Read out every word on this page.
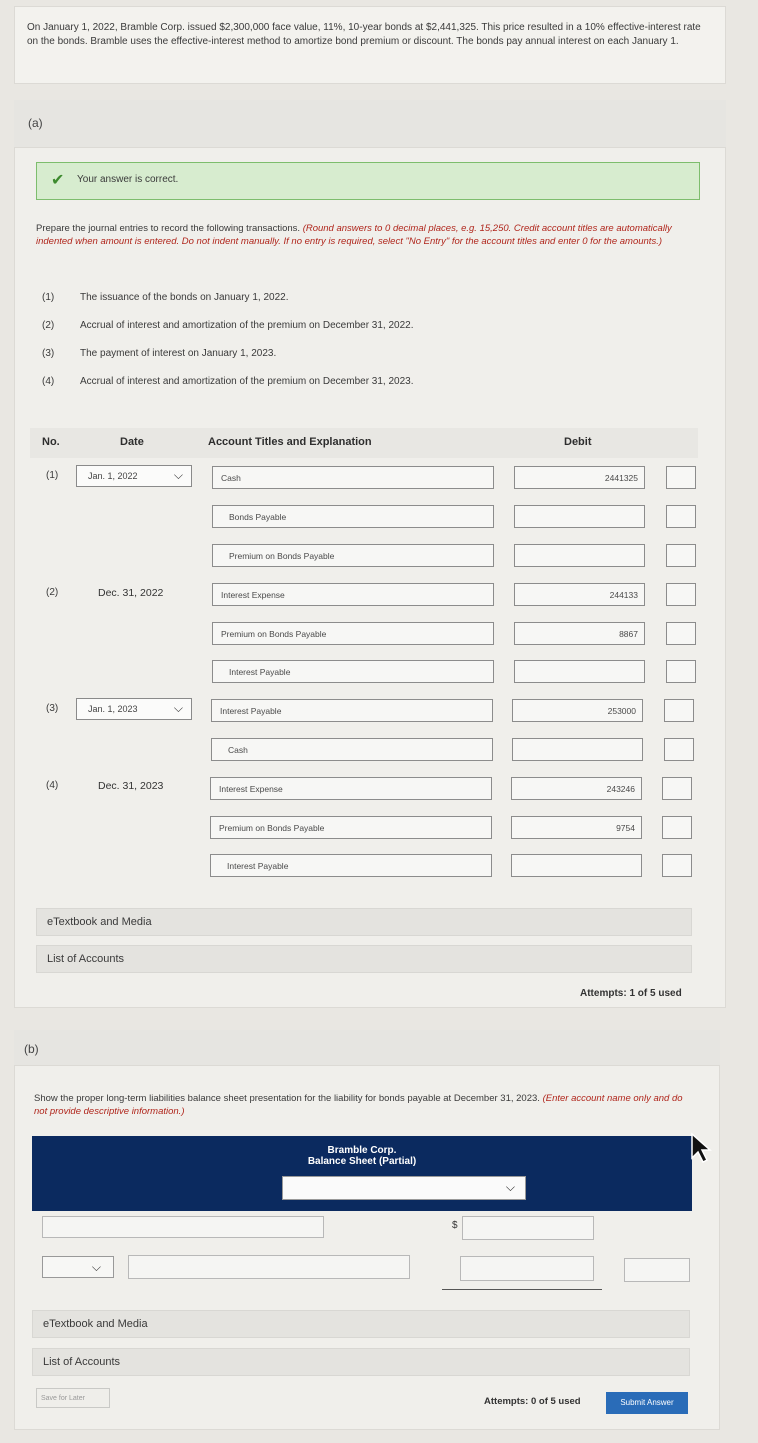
On January 1, 2022, Bramble Corp. issued $2,300,000 face value, 11%, 10-year bonds at $2,441,325. This price resulted in a 10% effective-interest rate on the bonds. Bramble uses the effective-interest method to amortize bond premium or discount. The bonds pay annual interest on each January 1.
(a)
✔ Your answer is correct.
Prepare the journal entries to record the following transactions. (Round answers to 0 decimal places, e.g. 15,250. Credit account titles are automatically indented when amount is entered. Do not indent manually. If no entry is required, select "No Entry" for the account titles and enter 0 for the amounts.)
(1)	The issuance of the bonds on January 1, 2022.
(2)	Accrual of interest and amortization of the premium on December 31, 2022.
(3)	The payment of interest on January 1, 2023.
(4)	Accrual of interest and amortization of the premium on December 31, 2023.
No.	Date	Account Titles and Explanation	Debit
(1)	Jan. 1, 2022	⌵	Cash	2441325
Bonds Payable
Premium on Bonds Payable
(2)	Dec. 31, 2022	Interest Expense	244133
Premium on Bonds Payable	8867
Interest Payable
(3)	Jan. 1, 2023	⌵	Interest Payable	253000
Cash
(4)	Dec. 31, 2023	Interest Expense	243246
Premium on Bonds Payable	9754
Interest Payable
eTextbook and Media
List of Accounts
Attempts: 1 of 5 used
(b)
Show the proper long-term liabilities balance sheet presentation for the liability for bonds payable at December 31, 2023. (Enter account name only and do not provide descriptive information.)
Bramble Corp.
Balance Sheet (Partial)
⌵
$
⌵
eTextbook and Media
List of Accounts
Save for Later	Attempts: 0 of 5 used	Submit Answer
